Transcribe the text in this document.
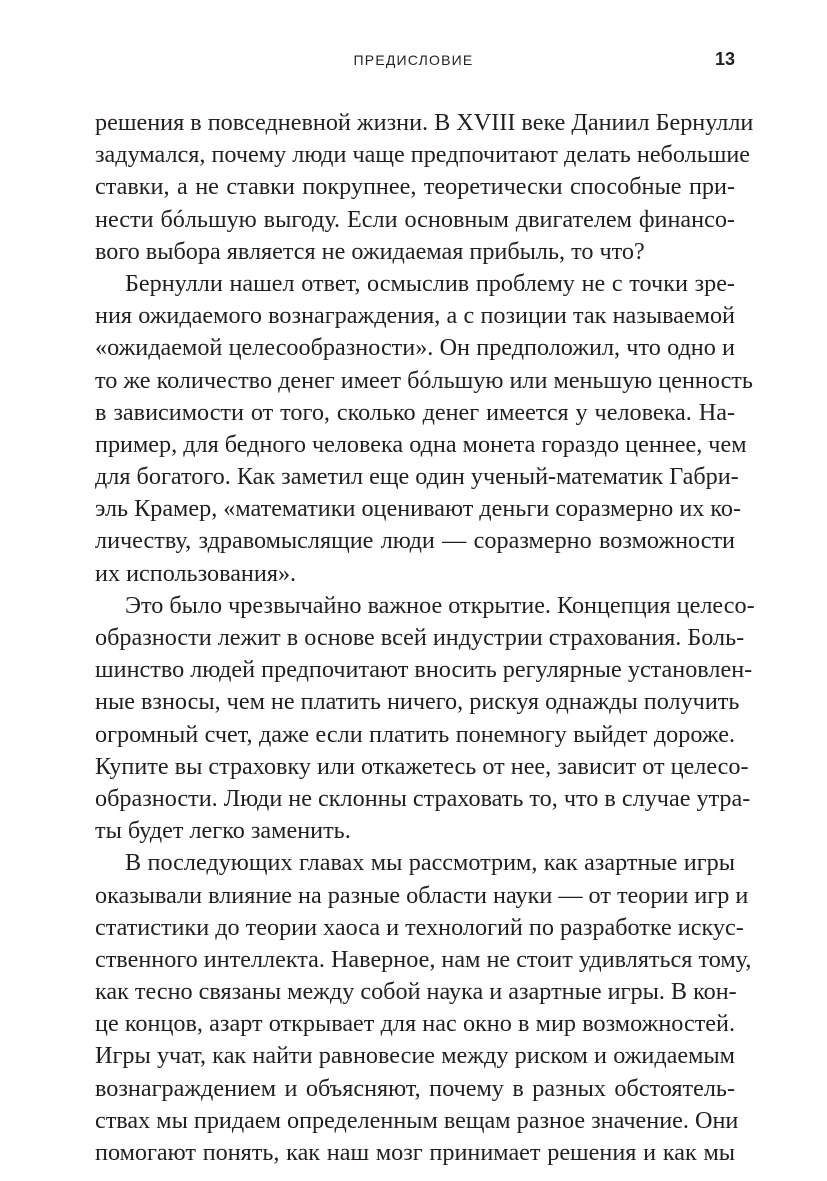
ПРЕДИСЛОВИЕ	13
решения в повседневной жизни. В XVIII веке Даниил Бернулли
задумался, почему люди чаще предпочитают делать небольшие
ставки, а не ставки покрупнее, теоретически способные при-
нести бóльшую выгоду. Если основным двигателем финансо-
вого выбора является не ожидаемая прибыль, то что?
Бернулли нашел ответ, осмыслив проблему не с точки зре-
ния ожидаемого вознаграждения, а с позиции так называемой
«ожидаемой целесообразности». Он предположил, что одно и
то же количество денег имеет бóльшую или меньшую ценность
в зависимости от того, сколько денег имеется у человека. На-
пример, для бедного человека одна монета гораздо ценнее, чем
для богатого. Как заметил еще один ученый-математик Габри-
эль Крамер, «математики оценивают деньги соразмерно их ко-
личеству, здравомыслящие люди — соразмерно возможности
их использования».
Это было чрезвычайно важное открытие. Концепция целесо-
образности лежит в основе всей индустрии страхования. Боль-
шинство людей предпочитают вносить регулярные установлен-
ные взносы, чем не платить ничего, рискуя однажды получить
огромный счет, даже если платить понемногу выйдет дороже.
Купите вы страховку или откажетесь от нее, зависит от целесо-
образности. Люди не склонны страховать то, что в случае утра-
ты будет легко заменить.
В последующих главах мы рассмотрим, как азартные игры
оказывали влияние на разные области науки — от теории игр и
статистики до теории хаоса и технологий по разработке искус-
ственного интеллекта. Наверное, нам не стоит удивляться тому,
как тесно связаны между собой наука и азартные игры. В кон-
це концов, азарт открывает для нас окно в мир возможностей.
Игры учат, как найти равновесие между риском и ожидаемым
вознаграждением и объясняют, почему в разных обстоятель-
ствах мы придаем определенным вещам разное значение. Они
помогают понять, как наш мозг принимает решения и как мы
